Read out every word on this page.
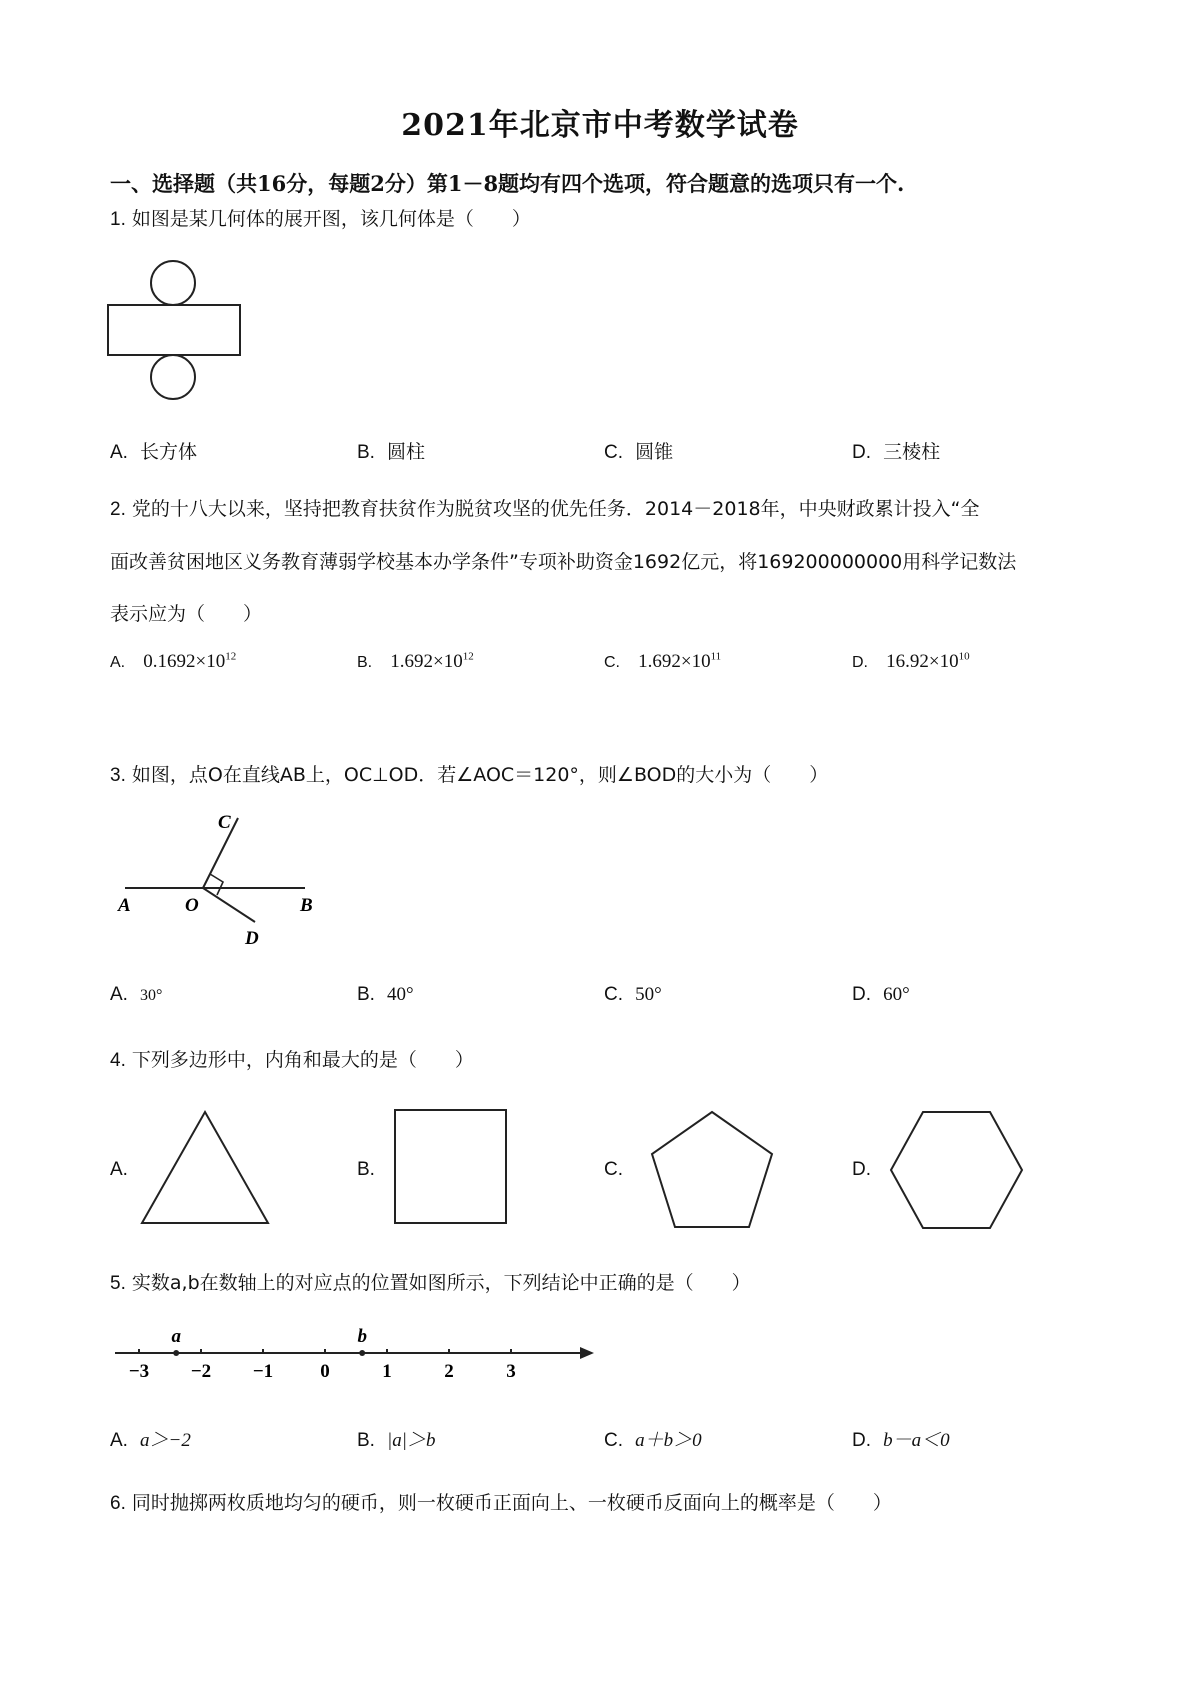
2021年北京市中考数学试卷
一、选择题（共16分，每题2分）第1－8题均有四个选项，符合题意的选项只有一个.
1. 如图是某几何体的展开图，该几何体是（　　）
A. 长方体	B. 圆柱	C. 圆锥	D. 三棱柱
2. 党的十八大以来，坚持把教育扶贫作为脱贫攻坚的优先任务．2014－2018年，中央财政累计投入“全
面改善贫困地区义务教育薄弱学校基本办学条件”专项补助资金1692亿元，将169200000000用科学记数法
表示应为（　　）
A. $0.1692\times 10^{12}$	B. $1.692\times 10^{12}$	C. $1.692\times 10^{11}$	D. $16.92\times 10^{10}$
3. 如图，点O在直线AB上，OC⊥OD．若∠AOC＝120°，则∠BOD的大小为（　　）
A	O	B
C
D
A. 30°	B. 40°	C. 50°	D. 60°
4. 下列多边形中，内角和最大的是（　　）
A.	B.	C.	D.
5. 实数a,b在数轴上的对应点的位置如图所示，下列结论中正确的是（　　）
−3 −2 −1 0	1	2	3
a	b
A. a＞−2	B. |a|＞b	C. a＋b＞0	D. b－a＜0
6. 同时抛掷两枚质地均匀的硬币，则一枚硬币正面向上、一枚硬币反面向上的概率是（　　）
